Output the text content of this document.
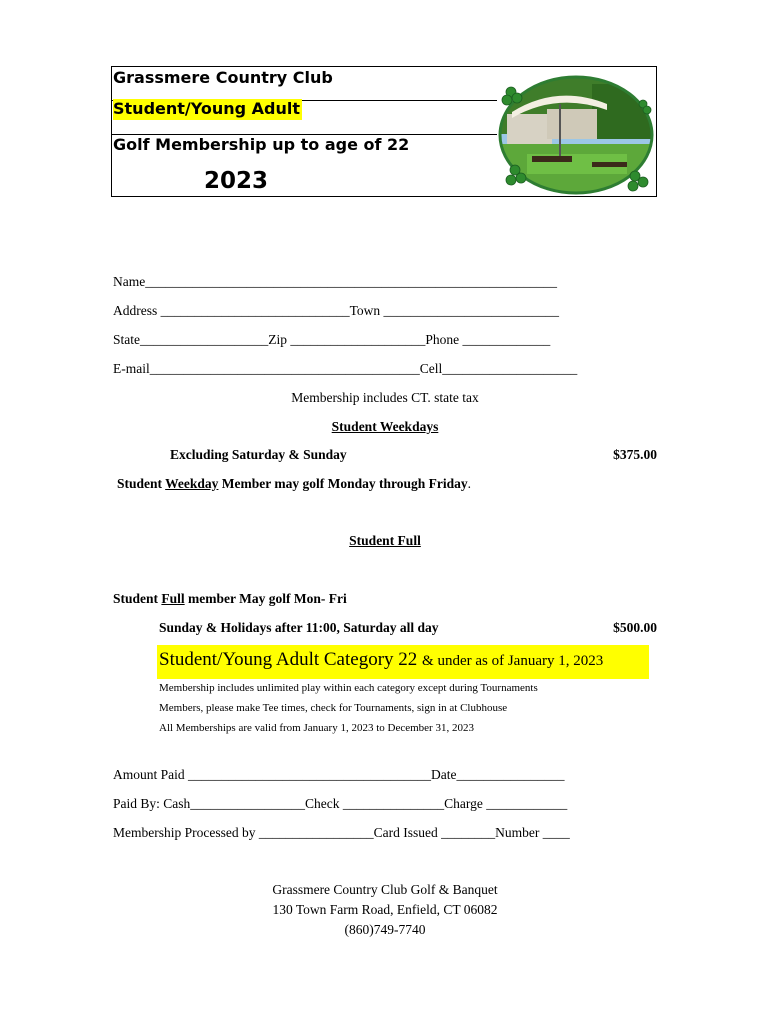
Grassmere Country Club
Student/Young Adult
Golf Membership up to age of 22
2023
Name_____________________________________________________________
Address ____________________________Town __________________________
State___________________Zip ____________________Phone _____________
E-mail________________________________________Cell____________________
Membership includes CT. state tax
Student Weekdays
Excluding Saturday & Sunday	$375.00
Student Weekday Member may golf Monday through Friday.
Student Full
Student Full member May golf Mon- Fri
Sunday & Holidays after 11:00, Saturday all day	$500.00
Student/Young Adult Category 22 & under as of January 1, 2023
Membership includes unlimited play within each category except during Tournaments
Members, please make Tee times, check for Tournaments, sign in at Clubhouse
All Memberships are valid from January 1, 2023 to December 31, 2023
Amount Paid ____________________________________Date________________
Paid By: Cash_________________Check _______________Charge ____________
Membership Processed by _________________Card Issued ________Number ____
Grassmere Country Club Golf & Banquet
130 Town Farm Road, Enfield, CT 06082
(860)749-7740
